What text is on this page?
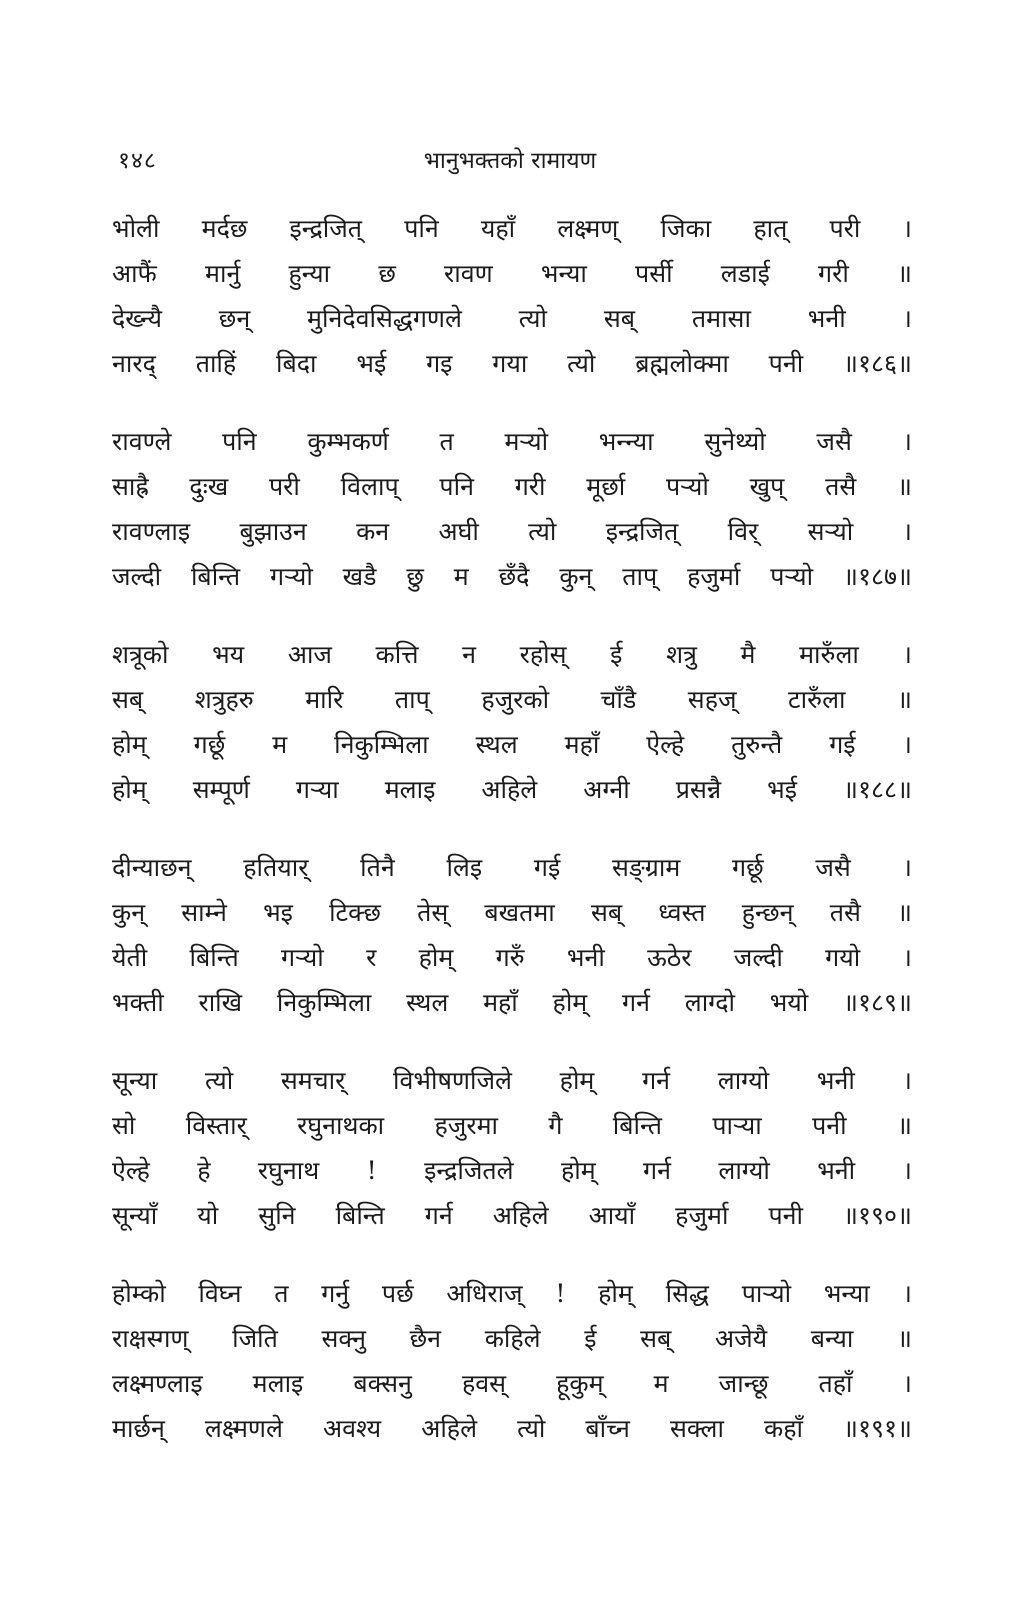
१४८	भानुभक्तको रामायण
भोली मर्दछ इन्द्रजित् पनि यहाँ लक्ष्मण् जिका हात् परी ।
आफैं मार्नु हुन्या छ रावण भन्या पर्सी लडाई गरी ॥
देख्न्यै छन् मुनिदेवसिद्धगणले त्यो सब् तमासा भनी ।
नारद् ताहिं बिदा भई गइ गया त्यो ब्रह्मलोक्मा पनी ॥१८६॥
रावण्ले पनि कुम्भकर्ण त मर्‍यो भन्न्या सुनेथ्यो जसै ।
साह्रै दुःख परी विलाप् पनि गरी मूर्छा पर्‍यो खुप् तसै ॥
रावण्लाइ बुझाउन कन अघी त्यो इन्द्रजित् विर् सर्‍यो ।
जल्दी बिन्ति गर्‍यो खडै छु म छँदै कुन् ताप् हजुर्मा पर्‍यो ॥१८७॥
शत्रूको भय आज कत्ति न रहोस् ई शत्रु मै मारुँला ।
सब् शत्रुहरु मारि ताप् हजुरको चाँडै सहज् टारुँला ॥
होम् गर्छू म निकुम्भिला स्थल महाँ ऐल्हे तुरुन्तै गई ।
होम् सम्पूर्ण गर्‍या मलाइ अहिले अग्नी प्रसन्नै भई ॥१८८॥
दीन्याछन् हतियार् तिनै लिइ गई सङ्ग्राम गर्छू जसै ।
कुन् साम्ने भइ टिक्छ तेस् बखतमा सब् ध्वस्त हुन्छन् तसै ॥
येती बिन्ति गर्‍यो र होम् गरुँ भनी ऊठेर जल्दी गयो ।
भक्ती राखि निकुम्भिला स्थल महाँ होम् गर्न लाग्दो भयो ॥१८९॥
सून्या त्यो समचार् विभीषणजिले होम् गर्न लाग्यो भनी ।
सो विस्तार् रघुनाथका हजुरमा गै बिन्ति पार्‍या पनी ॥
ऐल्हे हे रघुनाथ ! इन्द्रजितले होम् गर्न लाग्यो भनी ।
सून्याँ यो सुनि बिन्ति गर्न अहिले आयाँ हजुर्मा पनी ॥१९०॥
होम्को विघ्न त गर्नु पर्छ अधिराज् ! होम् सिद्ध पार्‍यो भन्या ।
राक्षस्गण् जिति सक्नु छैन कहिले ई सब् अजेयै बन्या ॥
लक्ष्मण्लाइ मलाइ बक्सनु हवस् हूकुम् म जान्छू तहाँ ।
मार्छन् लक्ष्मणले अवश्य अहिले त्यो बाँच्न सक्ला कहाँ ॥१९१॥
